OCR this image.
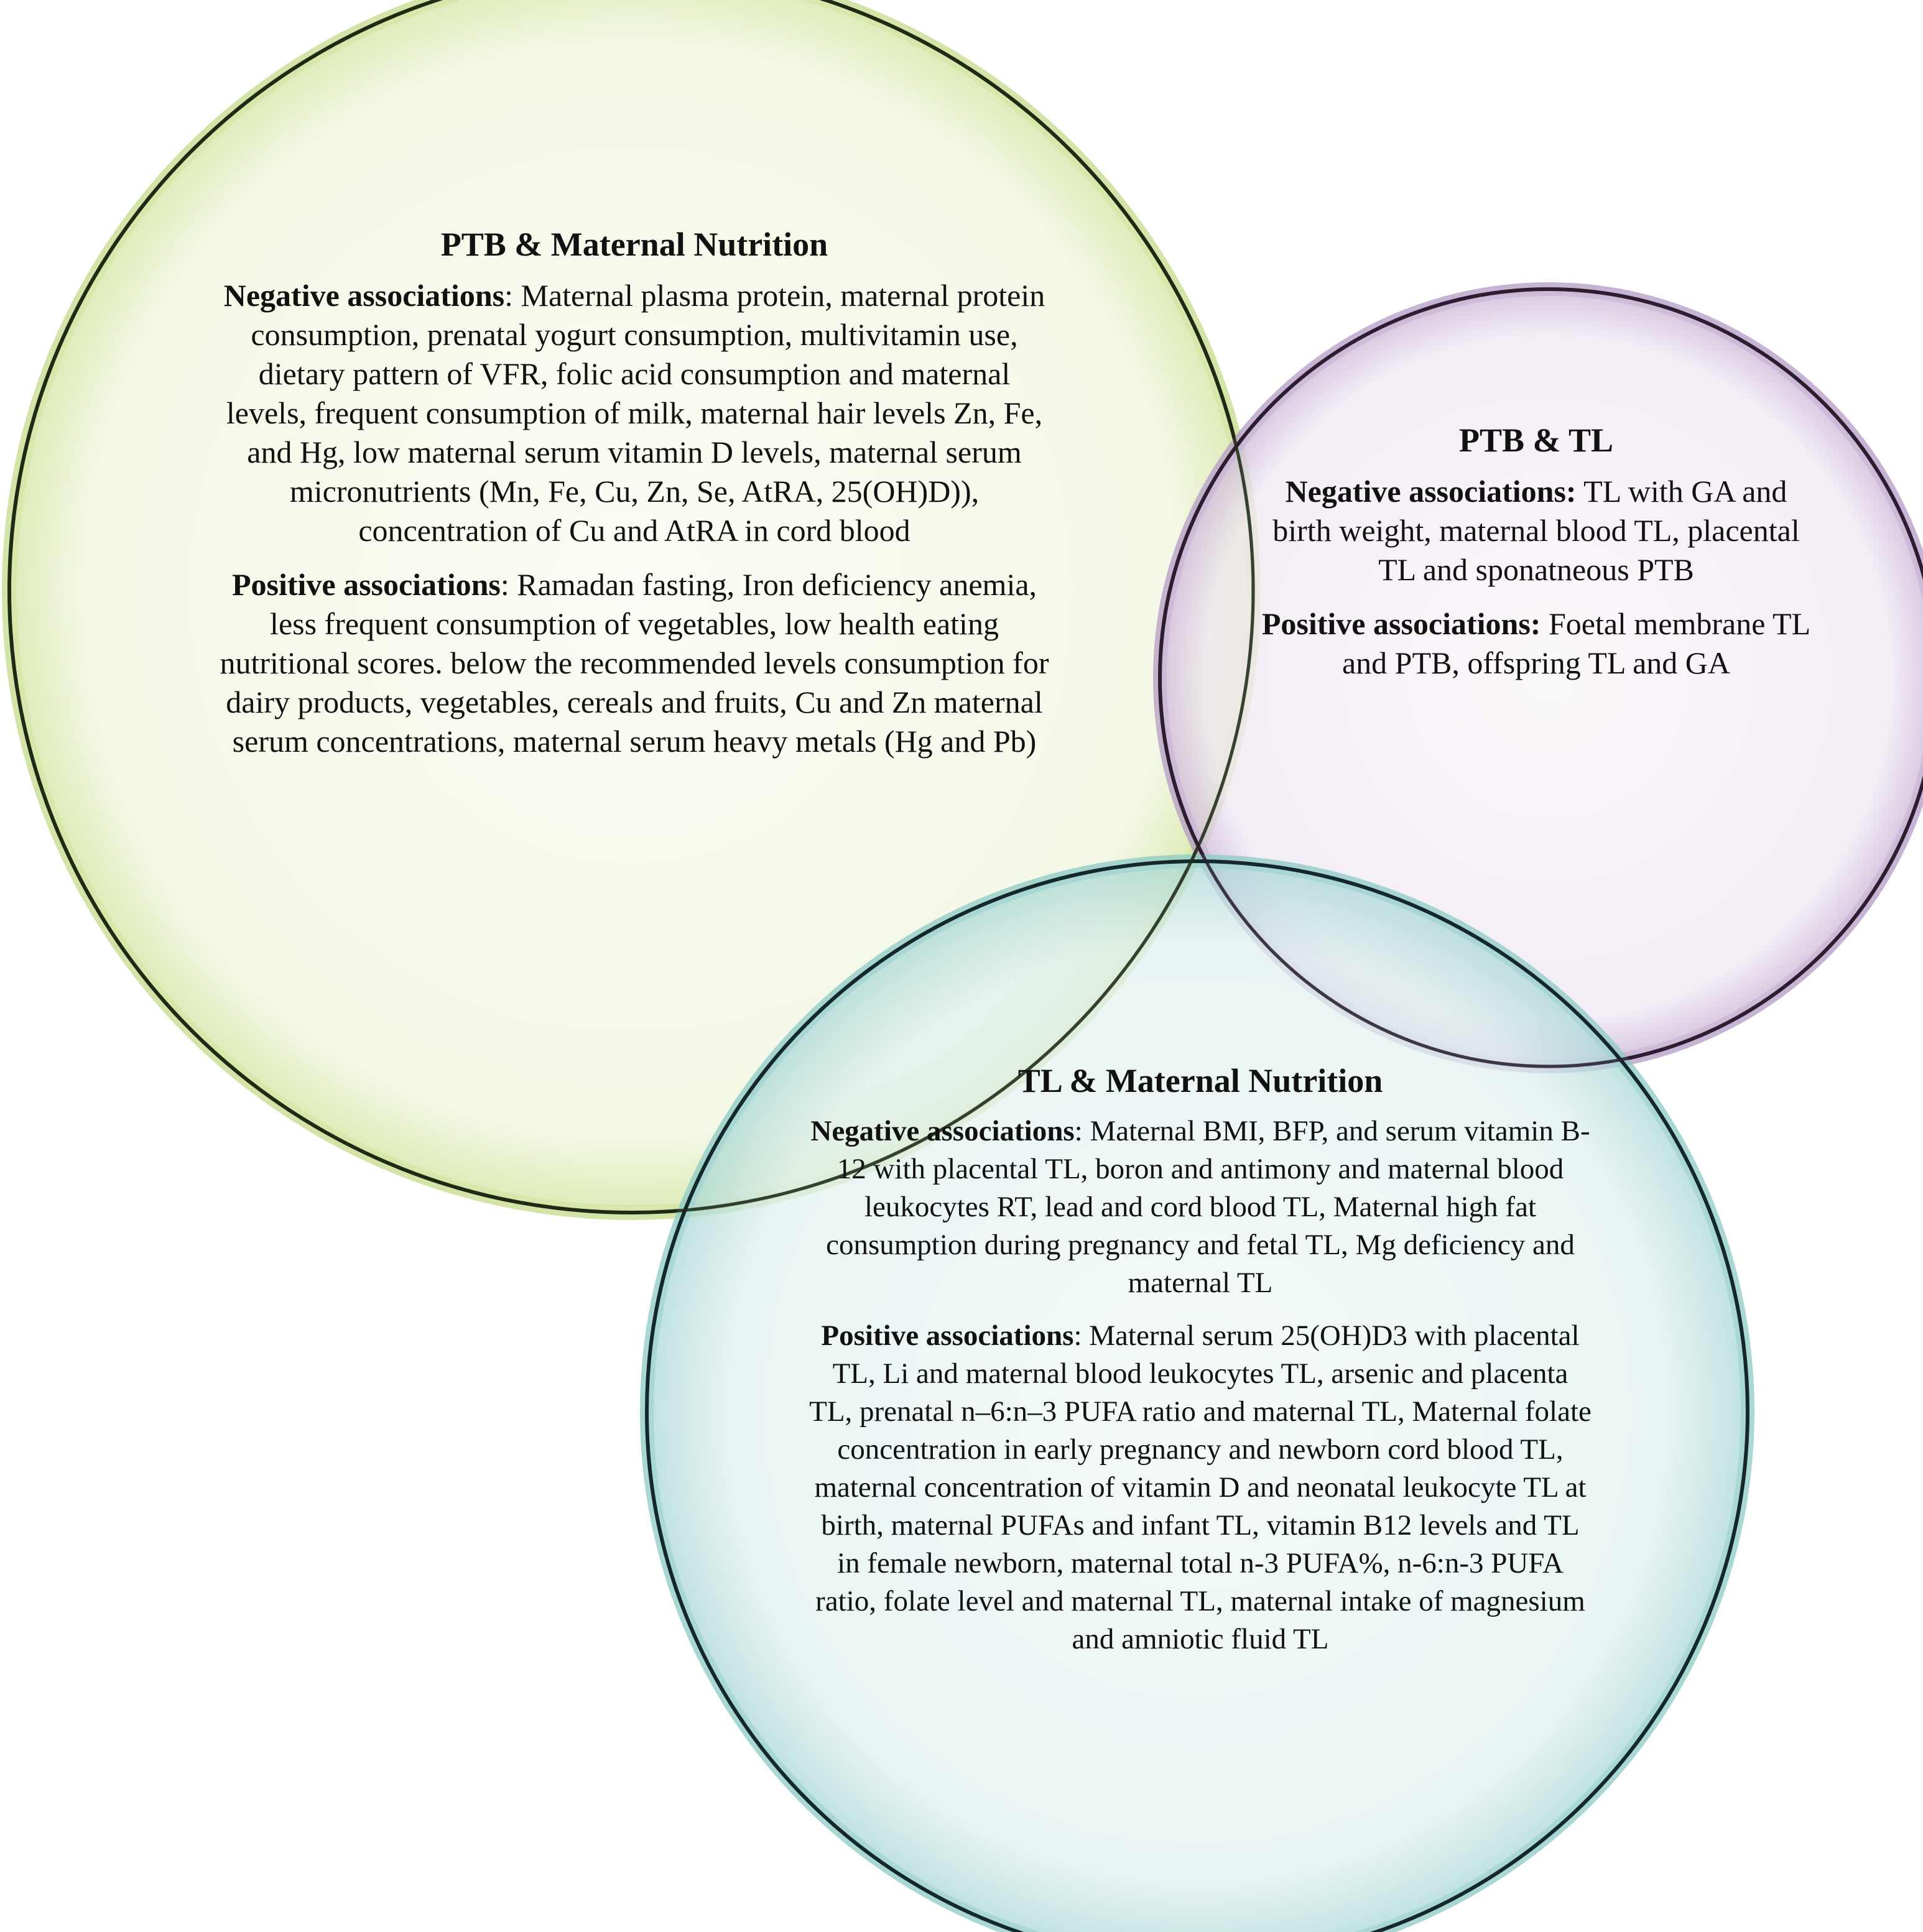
PTB & Maternal Nutrition

Negative associations: Maternal plasma protein, maternal protein consumption, prenatal yogurt consumption, multivitamin use, dietary pattern of VFR, folic acid consumption and maternal levels, frequent consumption of milk, maternal hair levels Zn, Fe, and Hg, low maternal serum vitamin D levels, maternal serum micronutrients (Mn, Fe, Cu, Zn, Se, AtRA, 25(OH)D)), concentration of Cu and AtRA in cord blood

Positive associations: Ramadan fasting, Iron deficiency anemia, less frequent consumption of vegetables, low health eating nutritional scores. below the recommended levels consumption for dairy products, vegetables, cereals and fruits, Cu and Zn maternal serum concentrations, maternal serum heavy metals (Hg and Pb)

PTB & TL

Negative associations: TL with GA and birth weight, maternal blood TL, placental TL and sponatneous PTB

Positive associations: Foetal membrane TL and PTB, offspring TL and GA

TL & Maternal Nutrition

Negative associations: Maternal BMI, BFP, and serum vitamin B-12 with placental TL, boron and antimony and maternal blood leukocytes RT, lead and cord blood TL, Maternal high fat consumption during pregnancy and fetal TL, Mg deficiency and maternal TL

Positive associations: Maternal serum 25(OH)D3 with placental TL, Li and maternal blood leukocytes TL, arsenic and placenta TL, prenatal n–6:n–3 PUFA ratio and maternal TL, Maternal folate concentration in early pregnancy and newborn cord blood TL, maternal concentration of vitamin D and neonatal leukocyte TL at birth, maternal PUFAs and infant TL, vitamin B12 levels and TL in female newborn, maternal total n-3 PUFA%, n-6:n-3 PUFA ratio, folate level and maternal TL, maternal intake of magnesium and amniotic fluid TL
